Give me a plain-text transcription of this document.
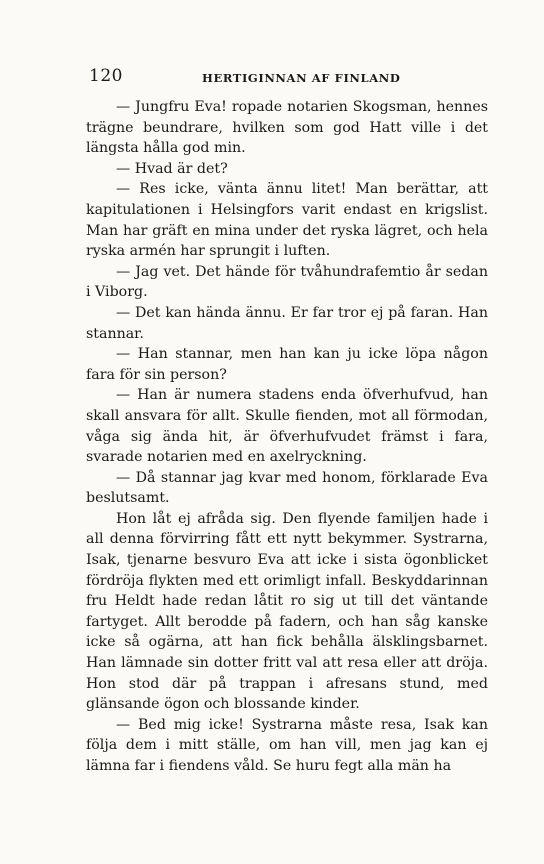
120	HERTIGINNAN AF FINLAND

— Jungfru Eva! ropade notarien Skogsman, hennes trägne beundrare, hvilken som god Hatt ville i det längsta hålla god min.

— Hvad är det?

— Res icke, vänta ännu litet! Man berättar, att kapitulationen i Helsingfors varit endast en krigslist. Man har gräft en mina under det ryska lägret, och hela ryska armén har sprungit i luften.

— Jag vet. Det hände för tvåhundrafemtio år sedan i Viborg.

— Det kan hända ännu. Er far tror ej på faran. Han stannar.

— Han stannar, men han kan ju icke löpa någon fara för sin person?

— Han är numera stadens enda öfverhufvud, han skall ansvara för allt. Skulle fienden, mot all förmodan, våga sig ända hit, är öfverhufvudet främst i fara, svarade notarien med en axelryckning.

— Då stannar jag kvar med honom, förklarade Eva beslutsamt.

Hon låt ej afråda sig. Den flyende familjen hade i all denna förvirring fått ett nytt bekymmer. Systrarna, Isak, tjenarne besvuro Eva att icke i sista ögonblicket fördröja flykten med ett orimligt infall. Beskyddarinnan fru Heldt hade redan låtit ro sig ut till det väntande fartyget. Allt berodde på fadern, och han såg kanske icke så ogärna, att han fick behålla älsklingsbarnet. Han lämnade sin dotter fritt val att resa eller att dröja. Hon stod där på trappan i afresans stund, med glänsande ögon och blossande kinder.

— Bed mig icke! Systrarna måste resa, Isak kan följa dem i mitt ställe, om han vill, men jag kan ej lämna far i fiendens våld. Se huru fegt alla män ha
